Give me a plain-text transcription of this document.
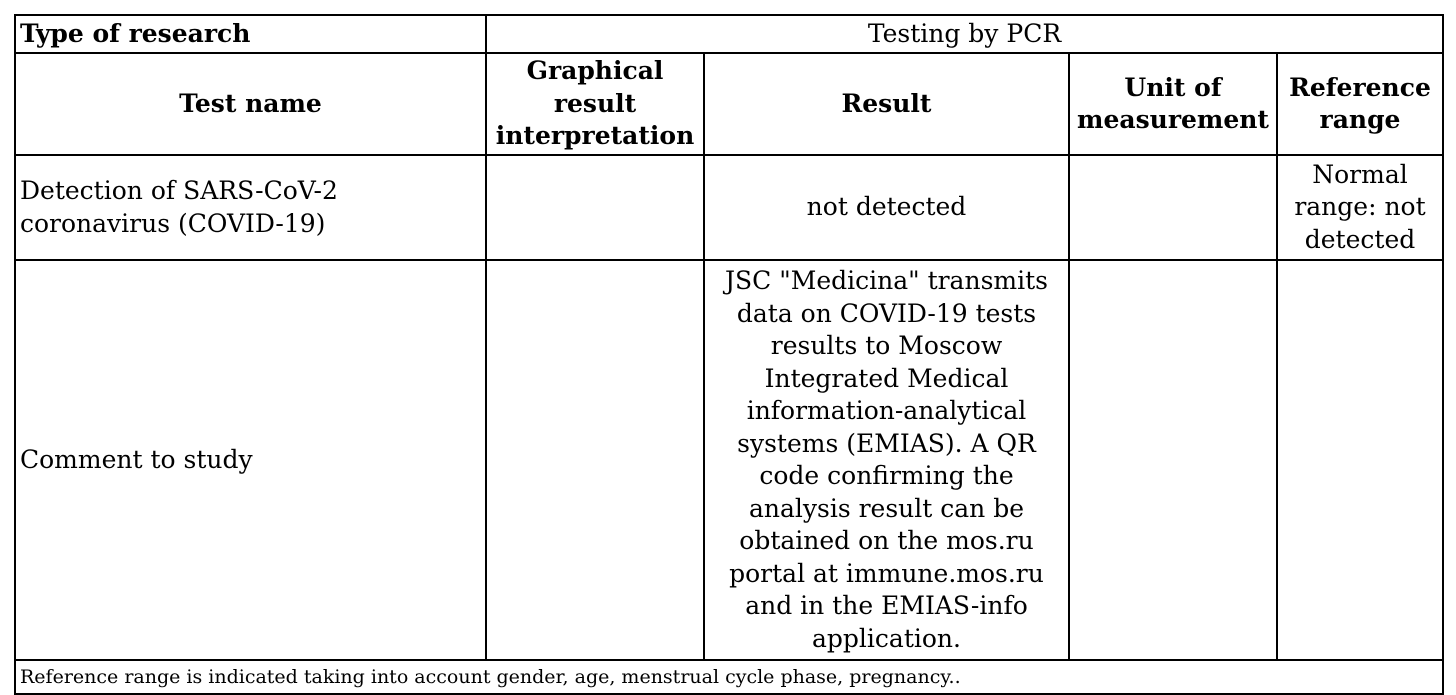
Type of research	Testing by PCR			
Test name	Graphical result interpretation	Result	Unit of measurement	Reference range
Detection of SARS-CoV-2 coronavirus (COVID-19)		not detected		Normal range: not detected
Comment to study		JSC "Medicina" transmits data on COVID-19 tests results to Moscow Integrated Medical information-analytical systems (EMIAS). A QR code confirming the analysis result can be obtained on the mos.ru portal at immune.mos.ru and in the EMIAS-info application.		

Reference range is indicated taking into account gender, age, menstrual cycle phase, pregnancy..				
